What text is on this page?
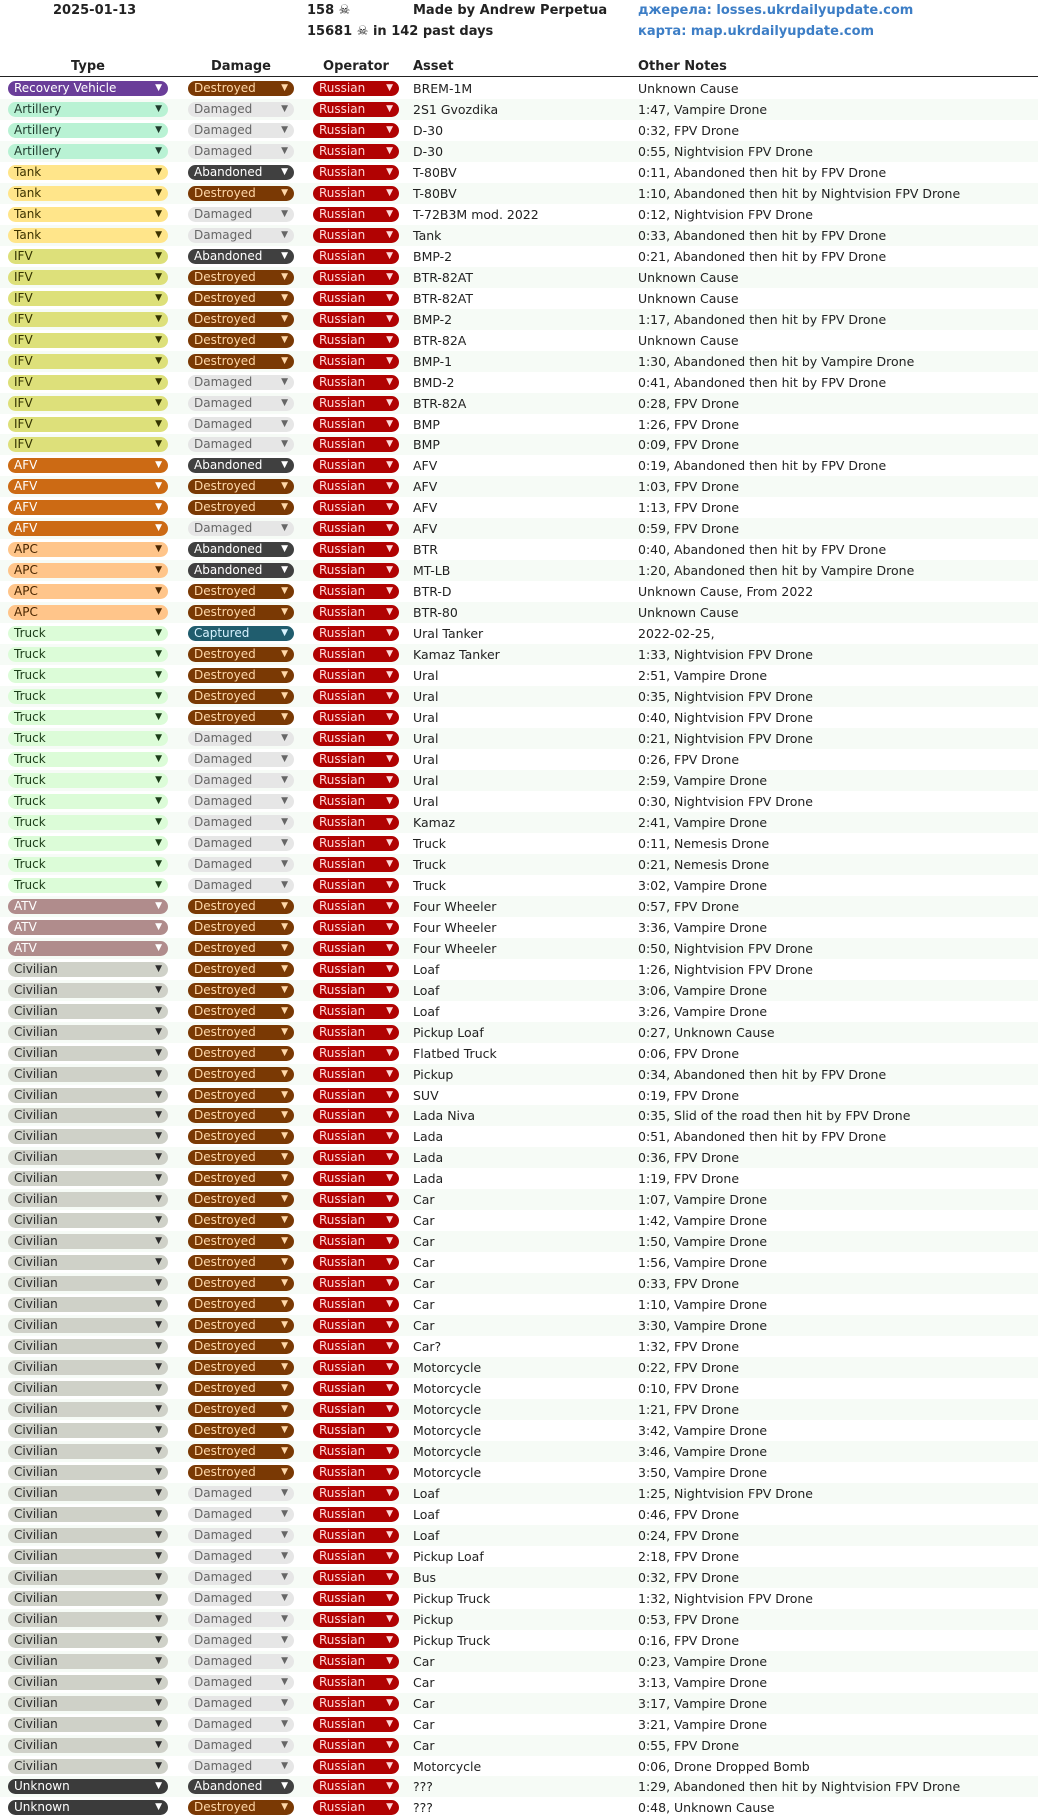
2025-01-13	158 ☠
15681 ☠ in 142 past days
Made by Andrew Perpetua джерела: losses.ukrdailyupdate.com
карта: map.ukrdailyupdate.com
Type	Damage	Operator	Asset	Other Notes
Recovery Vehicle	▼	Destroyed	▼	Russian ▼ BREM-1M	Unknown Cause
Artillery	▼	Damaged	▼	Russian ▼ 2S1 Gvozdika	1:47, Vampire Drone
Artillery	▼	Damaged	▼	Russian ▼ D-30	0:32, FPV Drone
Artillery	▼	Damaged	▼	Russian ▼ D-30	0:55, Nightvision FPV Drone
Tank	▼	Abandoned ▼	Russian ▼ T-80BV	0:11, Abandoned then hit by FPV Drone
Tank	▼	Destroyed	▼	Russian ▼ T-80BV	1:10, Abandoned then hit by Nightvision FPV Drone
Tank	▼	Damaged	▼	Russian ▼ T-72B3M mod. 2022	0:12, Nightvision FPV Drone
Tank	▼	Damaged	▼	Russian ▼ Tank	0:33, Abandoned then hit by FPV Drone
IFV	▼	Abandoned ▼	Russian ▼ BMP-2	0:21, Abandoned then hit by FPV Drone
IFV	▼	Destroyed	▼	Russian ▼ BTR-82AT	Unknown Cause
IFV	▼	Destroyed	▼	Russian ▼ BTR-82AT	Unknown Cause
IFV	▼	Destroyed	▼	Russian ▼ BMP-2	1:17, Abandoned then hit by FPV Drone
IFV	▼	Destroyed	▼	Russian ▼ BTR-82A	Unknown Cause
IFV	▼	Destroyed	▼	Russian ▼ BMP-1	1:30, Abandoned then hit by Vampire Drone
IFV	▼	Damaged	▼	Russian ▼ BMD-2	0:41, Abandoned then hit by FPV Drone
IFV	▼	Damaged	▼	Russian ▼ BTR-82A	0:28, FPV Drone
IFV	▼	Damaged	▼	Russian ▼ BMP	1:26, FPV Drone
IFV	▼	Damaged	▼	Russian ▼ BMP	0:09, FPV Drone
AFV	▼	Abandoned ▼	Russian ▼ AFV	0:19, Abandoned then hit by FPV Drone
AFV	▼	Destroyed	▼	Russian ▼ AFV	1:03, FPV Drone
AFV	▼	Destroyed	▼	Russian ▼ AFV	1:13, FPV Drone
AFV	▼	Damaged	▼	Russian ▼ AFV	0:59, FPV Drone
APC	▼	Abandoned ▼	Russian ▼ BTR	0:40, Abandoned then hit by FPV Drone
APC	▼	Abandoned ▼	Russian ▼ MT-LB	1:20, Abandoned then hit by Vampire Drone
APC	▼	Destroyed	▼	Russian ▼ BTR-D	Unknown Cause, From 2022
APC	▼	Destroyed	▼	Russian ▼ BTR-80	Unknown Cause
Truck	▼	Captured	▼	Russian ▼ Ural Tanker	2022-02-25,
Truck	▼	Destroyed	▼	Russian ▼ Kamaz Tanker	1:33, Nightvision FPV Drone
Truck	▼	Destroyed	▼	Russian ▼ Ural	2:51, Vampire Drone
Truck	▼	Destroyed	▼	Russian ▼ Ural	0:35, Nightvision FPV Drone
Truck	▼	Destroyed	▼	Russian ▼ Ural	0:40, Nightvision FPV Drone
Truck	▼	Damaged	▼	Russian ▼ Ural	0:21, Nightvision FPV Drone
Truck	▼	Damaged	▼	Russian ▼ Ural	0:26, FPV Drone
Truck	▼	Damaged	▼	Russian ▼ Ural	2:59, Vampire Drone
Truck	▼	Damaged	▼	Russian ▼ Ural	0:30, Nightvision FPV Drone
Truck	▼	Damaged	▼	Russian ▼ Kamaz	2:41, Vampire Drone
Truck	▼	Damaged	▼	Russian ▼ Truck	0:11, Nemesis Drone
Truck	▼	Damaged	▼	Russian ▼ Truck	0:21, Nemesis Drone
Truck	▼	Damaged	▼	Russian ▼ Truck	3:02, Vampire Drone
ATV	▼	Destroyed	▼	Russian ▼ Four Wheeler	0:57, FPV Drone
ATV	▼	Destroyed	▼	Russian ▼ Four Wheeler	3:36, Vampire Drone
ATV	▼	Destroyed	▼	Russian ▼ Four Wheeler	0:50, Nightvision FPV Drone
Civilian	▼	Destroyed	▼	Russian ▼ Loaf	1:26, Nightvision FPV Drone
Civilian	▼	Destroyed	▼	Russian ▼ Loaf	3:06, Vampire Drone
Civilian	▼	Destroyed	▼	Russian ▼ Loaf	3:26, Vampire Drone
Civilian	▼	Destroyed	▼	Russian ▼ Pickup Loaf	0:27, Unknown Cause
Civilian	▼	Destroyed	▼	Russian ▼ Flatbed Truck	0:06, FPV Drone
Civilian	▼	Destroyed	▼	Russian ▼ Pickup	0:34, Abandoned then hit by FPV Drone
Civilian	▼	Destroyed	▼	Russian ▼ SUV	0:19, FPV Drone
Civilian	▼	Destroyed	▼	Russian ▼ Lada Niva	0:35, Slid of the road then hit by FPV Drone
Civilian	▼	Destroyed	▼	Russian ▼ Lada	0:51, Abandoned then hit by FPV Drone
Civilian	▼	Destroyed	▼	Russian ▼ Lada	0:36, FPV Drone
Civilian	▼	Destroyed	▼	Russian ▼ Lada	1:19, FPV Drone
Civilian	▼	Destroyed	▼	Russian ▼ Car	1:07, Vampire Drone
Civilian	▼	Destroyed	▼	Russian ▼ Car	1:42, Vampire Drone
Civilian	▼	Destroyed	▼	Russian ▼ Car	1:50, Vampire Drone
Civilian	▼	Destroyed	▼	Russian ▼ Car	1:56, Vampire Drone
Civilian	▼	Destroyed	▼	Russian ▼ Car	0:33, FPV Drone
Civilian	▼	Destroyed	▼	Russian ▼ Car	1:10, Vampire Drone
Civilian	▼	Destroyed	▼	Russian ▼ Car	3:30, Vampire Drone
Civilian	▼	Destroyed	▼	Russian ▼ Car?	1:32, FPV Drone
Civilian	▼	Destroyed	▼	Russian ▼ Motorcycle	0:22, FPV Drone
Civilian	▼	Destroyed	▼	Russian ▼ Motorcycle	0:10, FPV Drone
Civilian	▼	Destroyed	▼	Russian ▼ Motorcycle	1:21, FPV Drone
Civilian	▼	Destroyed	▼	Russian ▼ Motorcycle	3:42, Vampire Drone
Civilian	▼	Destroyed	▼	Russian ▼ Motorcycle	3:46, Vampire Drone
Civilian	▼	Destroyed	▼	Russian ▼ Motorcycle	3:50, Vampire Drone
Civilian	▼	Damaged	▼	Russian ▼ Loaf	1:25, Nightvision FPV Drone
Civilian	▼	Damaged	▼	Russian ▼ Loaf	0:46, FPV Drone
Civilian	▼	Damaged	▼	Russian ▼ Loaf	0:24, FPV Drone
Civilian	▼	Damaged	▼	Russian ▼ Pickup Loaf	2:18, FPV Drone
Civilian	▼	Damaged	▼	Russian ▼ Bus	0:32, FPV Drone
Civilian	▼	Damaged	▼	Russian ▼ Pickup Truck	1:32, Nightvision FPV Drone
Civilian	▼	Damaged	▼	Russian ▼ Pickup	0:53, FPV Drone
Civilian	▼	Damaged	▼	Russian ▼ Pickup Truck	0:16, FPV Drone
Civilian	▼	Damaged	▼	Russian ▼ Car	0:23, Vampire Drone
Civilian	▼	Damaged	▼	Russian ▼ Car	3:13, Vampire Drone
Civilian	▼	Damaged	▼	Russian ▼ Car	3:17, Vampire Drone
Civilian	▼	Damaged	▼	Russian ▼ Car	3:21, Vampire Drone
Civilian	▼	Damaged	▼	Russian ▼ Car	0:55, FPV Drone
Civilian	▼	Damaged	▼	Russian ▼ Motorcycle	0:06, Drone Dropped Bomb
Unknown	▼	Abandoned ▼	Russian ▼ ???	1:29, Abandoned then hit by Nightvision FPV Drone
Unknown	▼	Destroyed	▼	Russian ▼ ???	0:48, Unknown Cause
